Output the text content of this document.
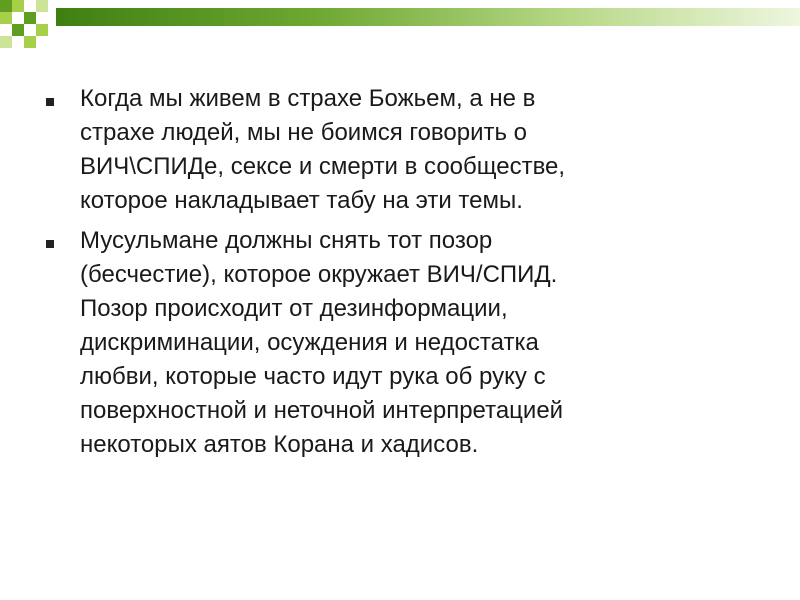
Когда мы живем в страхе Божьем, а не в
страхе людей, мы не боимся говорить о
ВИЧ\СПИДе, сексе и смерти в сообществе,
которое накладывает табу на эти темы.
Мусульмане должны снять тот позор
(бесчестие), которое окружает ВИЧ/СПИД.
Позор происходит от дезинформации,
дискриминации, осуждения и недостатка
любви, которые часто идут рука об руку с
поверхностной и неточной интерпретацией
некоторых аятов Корана и хадисов.
